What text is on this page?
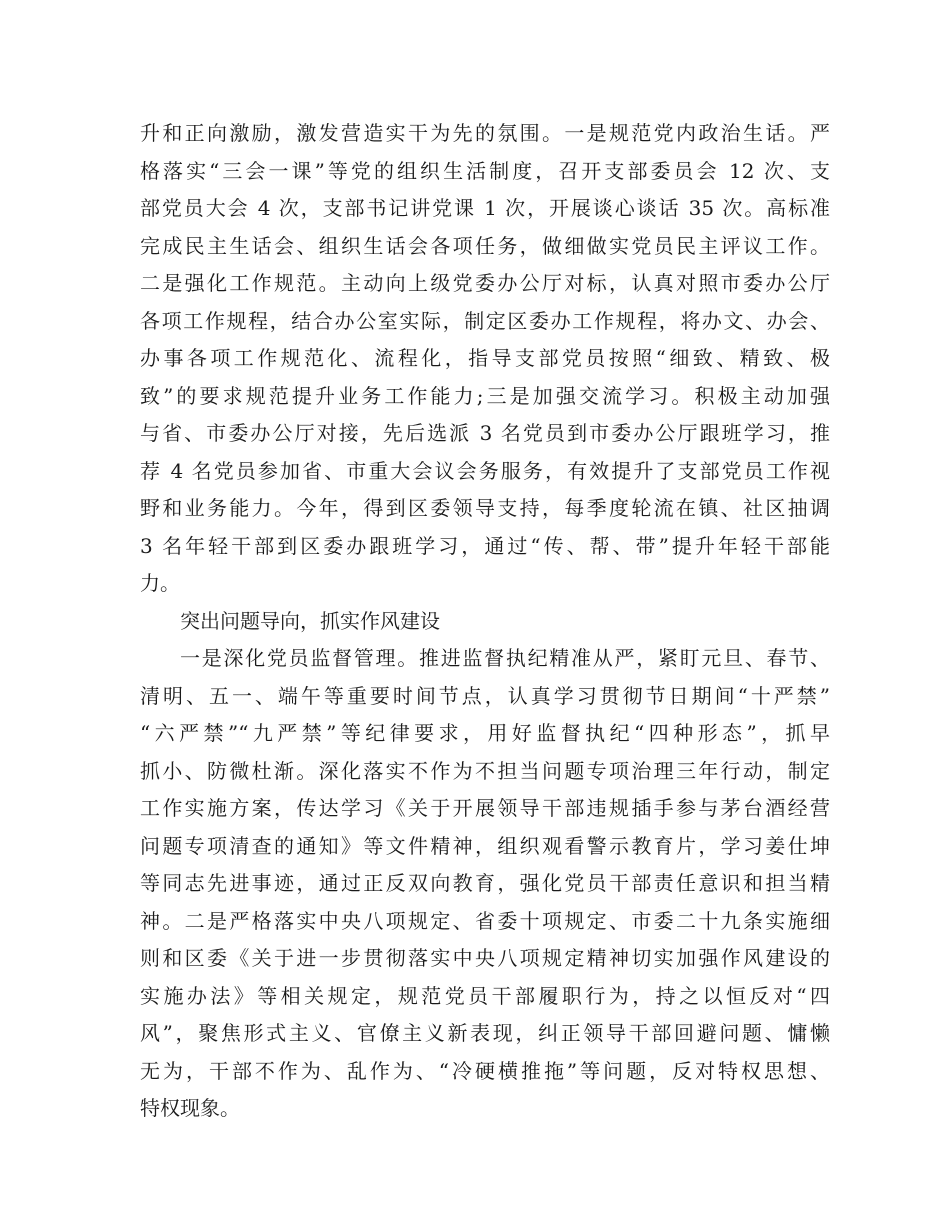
升和正向激励，激发营造实干为先的氛围。一是规范党内政治生话。严
格落实“三会一课”等党的组织生活制度，召开支部委员会 12 次、支
部党员大会 4 次，支部书记讲党课 1 次，开展谈心谈话 35 次。高标准
完成民主生话会、组织生话会各项任务，做细做实党员民主评议工作。
二是强化工作规范。主动向上级党委办公厅对标，认真对照市委办公厅
各项工作规程，结合办公室实际，制定区委办工作规程，将办文、办会、
办事各项工作规范化、流程化，指导支部党员按照“细致、精致、极
致”的要求规范提升业务工作能力;三是加强交流学习。积极主动加强
与省、市委办公厅对接，先后选派 3 名党员到市委办公厅跟班学习，推
荐 4 名党员参加省、市重大会议会务服务，有效提升了支部党员工作视
野和业务能力。今年，得到区委领导支持，每季度轮流在镇、社区抽调
3 名年轻干部到区委办跟班学习，通过“传、帮、带”提升年轻干部能
力。
突出问题导向，抓实作风建设
一是深化党员监督管理。推进监督执纪精准从严，紧盯元旦、春节、
清明、五一、端午等重要时间节点，认真学习贯彻节日期间“十严禁”
“六严禁”“九严禁”等纪律要求，用好监督执纪“四种形态”，抓早
抓小、防微杜渐。深化落实不作为不担当问题专项治理三年行动，制定
工作实施方案，传达学习《关于开展领导干部违规插手参与茅台酒经营
问题专项清查的通知》等文件精神，组织观看警示教育片，学习姜仕坤
等同志先进事迹，通过正反双向教育，强化党员干部责任意识和担当精
神。二是严格落实中央八项规定、省委十项规定、市委二十九条实施细
则和区委《关于进一步贯彻落实中央八项规定精神切实加强作风建设的
实施办法》等相关规定，规范党员干部履职行为，持之以恒反对“四
风”，聚焦形式主义、官僚主义新表现，纠正领导干部回避问题、慵懒
无为，干部不作为、乱作为、“冷硬横推拖”等问题，反对特权思想、
特权现象。
